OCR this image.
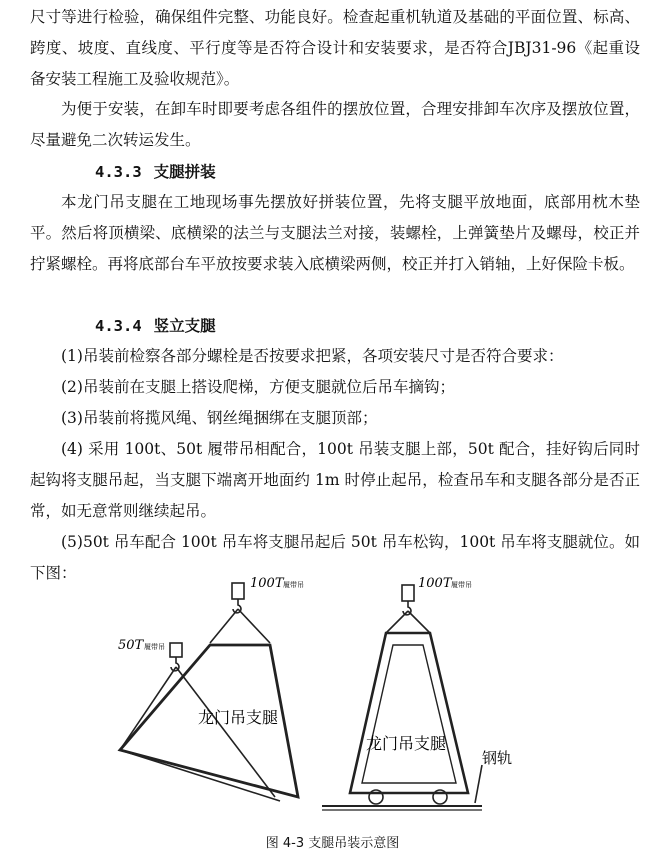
尺寸等进行检验，确保组件完整、功能良好。检查起重机轨道及基础的平面位置、标高、跨度、坡度、直线度、平行度等是否符合设计和安装要求，是否符合JBJ31-96《起重设备安装工程施工及验收规范》。

为便于安装，在卸车时即要考虑各组件的摆放位置，合理安排卸车次序及摆放位置，尽量避免二次转运发生。

4.3.3 支腿拼装

本龙门吊支腿在工地现场事先摆放好拼装位置，先将支腿平放地面，底部用枕木垫平。然后将顶横梁、底横梁的法兰与支腿法兰对接，装螺栓，上弹簧垫片及螺母，校正并拧紧螺栓。再将底部台车平放按要求装入底横梁两侧，校正并打入销轴，上好保险卡板。

4.3.4 竖立支腿

(1)吊装前检察各部分螺栓是否按要求把紧，各项安装尺寸是否符合要求：

(2)吊装前在支腿上搭设爬梯，方便支腿就位后吊车摘钩；

(3)吊装前将揽风绳、钢丝绳捆绑在支腿顶部；

(4) 采用 100t、50t 履带吊相配合，100t 吊装支腿上部，50t 配合，挂好钩后同时起钩将支腿吊起，当支腿下端离开地面约 1m 时停止起吊，检查吊车和支腿各部分是否正常，如无意常则继续起吊。

(5)50t 吊车配合 100t 吊车将支腿吊起后 50t 吊车松钩，100t 吊车将支腿就位。如下图：

100T 履带吊
50T 履带吊
龙门吊支腿
100T 履带吊
龙门吊支腿
钢轨
图 4-3 支腿吊装示意图
